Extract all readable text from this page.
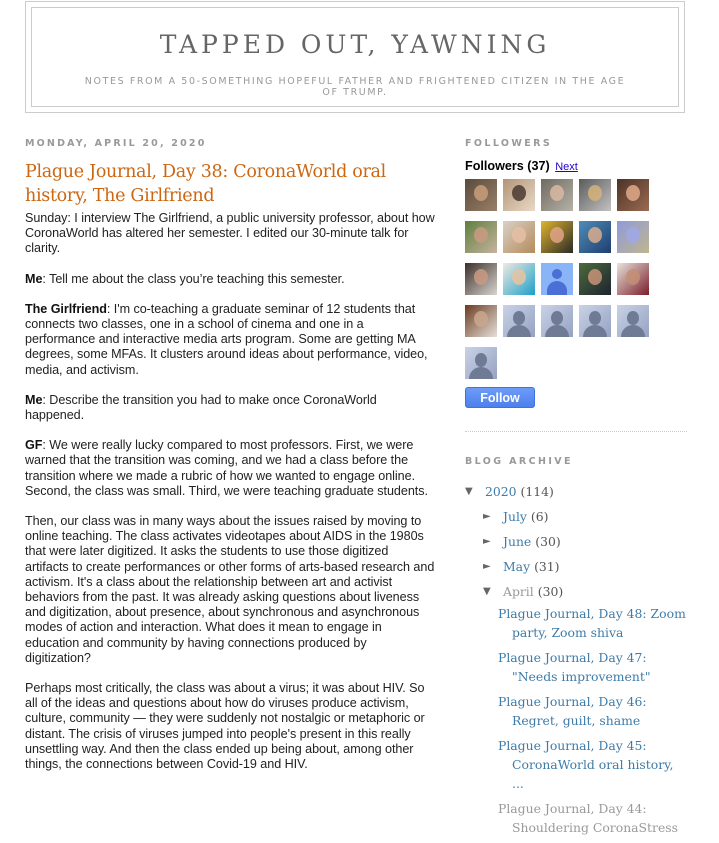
TAPPED OUT, YAWNING
NOTES FROM A 50-SOMETHING HOPEFUL FATHER AND FRIGHTENED CITIZEN IN THE AGE OF TRUMP.
MONDAY, APRIL 20, 2020
Plague Journal, Day 38: CoronaWorld oral history, The Girlfriend

Sunday: I interview The Girlfriend, a public university professor, about how CoronaWorld has altered her semester. I edited our 30-minute talk for clarity.

Me: Tell me about the class you’re teaching this semester.

The Girlfriend: I'm co-teaching a graduate seminar of 12 students that connects two classes, one in a school of cinema and one in a performance and interactive media arts program. Some are getting MA degrees, some MFAs. It clusters around ideas about performance, video, media, and activism.

Me: Describe the transition you had to make once CoronaWorld happened.

GF: We were really lucky compared to most professors. First, we were warned that the transition was coming, and we had a class before the transition where we made a rubric of how we wanted to engage online. Second, the class was small. Third, we were teaching graduate students.

Then, our class was in many ways about the issues raised by moving to online teaching. The class activates videotapes about AIDS in the 1980s that were later digitized. It asks the students to use those digitized artifacts to create performances or other forms of arts-based research and activism. It's a class about the relationship between art and activist behaviors from the past. It was already asking questions about liveness and digitization, about presence, about synchronous and asynchronous modes of action and interaction. What does it mean to engage in education and community by having connections produced by digitization?

Perhaps most critically, the class was about a virus; it was about HIV. So all of the ideas and questions about how do viruses produce activism, culture, community — they were suddenly not nostalgic or metaphoric or distant. The crisis of viruses jumped into people's present in this really unsettling way. And then the class ended up being about, among other things, the connections between Covid-19 and HIV.

FOLLOWERS
Followers (37) Next
Follow
BLOG ARCHIVE
▼ 2020 (114)
► July (6)
► June (30)
► May (31)
▼ April (30)
Plague Journal, Day 48: Zoom party, Zoom shiva
Plague Journal, Day 47: "Needs improvement"
Plague Journal, Day 46: Regret, guilt, shame
Plague Journal, Day 45: CoronaWorld oral history, ...
Plague Journal, Day 44: Shouldering CoronaStress
